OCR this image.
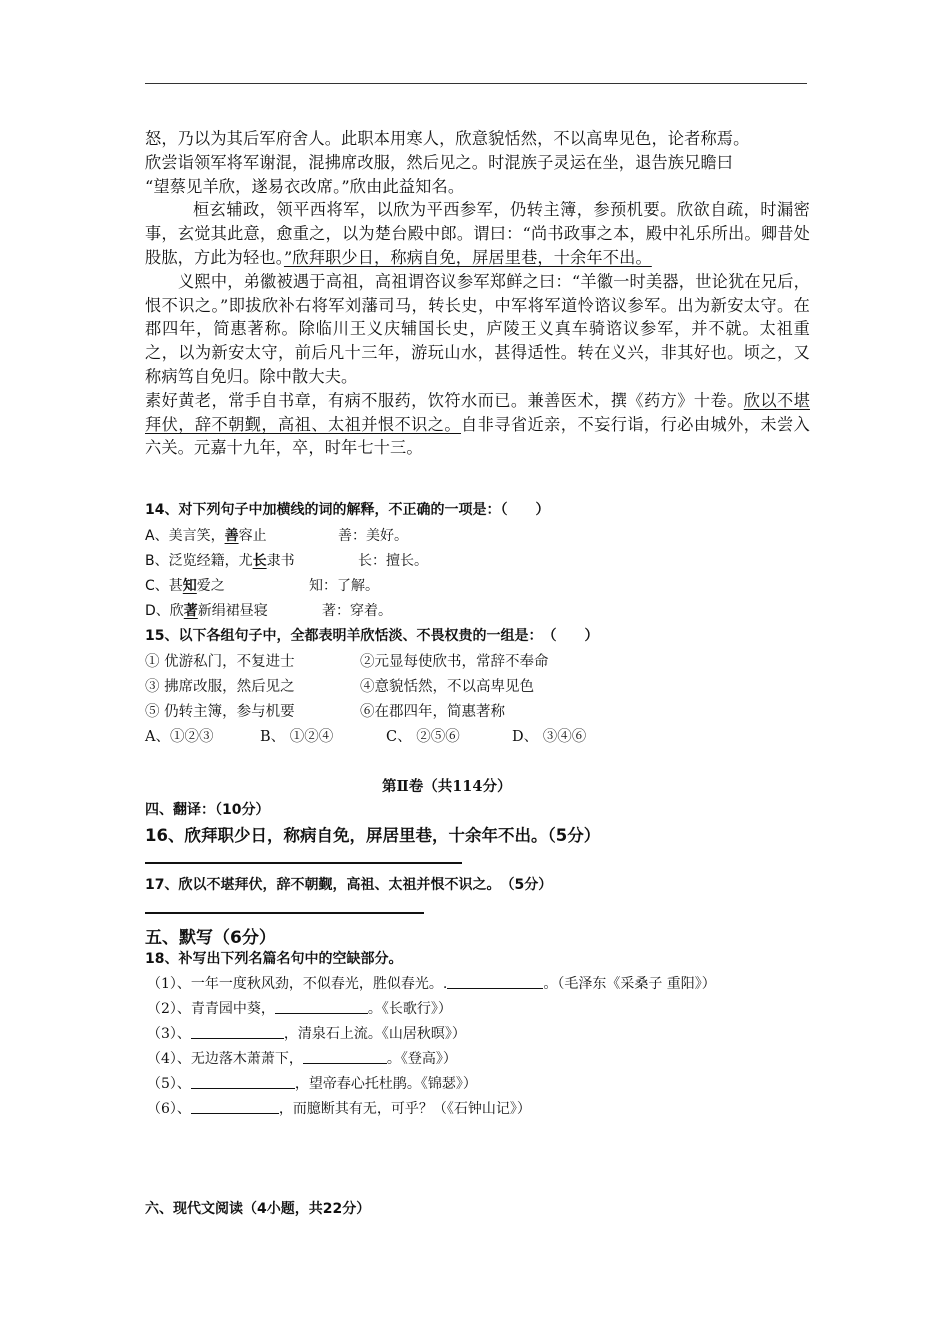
怒，乃以为其后军府舍人。此职本用寒人，欣意貌恬然，不以高卑见色，论者称焉。

欣尝诣领军将军谢混，混拂席改服，然后见之。时混族子灵运在坐，退告族兄瞻曰

“望蔡见羊欣，遂易衣改席。”欣由此益知名。

桓玄辅政，领平西将军，以欣为平西参军，仍转主簿，参预机要。欣欲自疏，时漏密事，玄觉其此意，愈重之，以为楚台殿中郎。谓曰：“尚书政事之本，殿中礼乐所出。卿昔处股肱，方此为轻也。”欣拜职少日，称病自免，屏居里巷，十余年不出。

义熙中，弟徽被遇于高祖，高祖谓咨议参军郑鲜之曰：“羊徽一时美器，世论犹在兄后，恨不识之。”即拔欣补右将军刘藩司马，转长史，中军将军道怜谘议参军。出为新安太守。在郡四年，简惠著称。除临川王义庆辅国长史，庐陵王义真车骑谘议参军，并不就。太祖重之，以为新安太守，前后凡十三年，游玩山水，甚得适性。转在义兴，非其好也。顷之，又称病笃自免归。除中散大夫。

素好黄老，常手自书章，有病不服药，饮符水而已。兼善医术，撰《药方》十卷。欣以不堪拜伏，辞不朝觐，高祖、太祖并恨不识之。自非寻省近亲，不妄行诣，行必由城外，未尝入六关。元嘉十九年，卒，时年七十三。

14、对下列句子中加横线的词的解释，不正确的一项是：（　　）
A、美言笑，善容止	善：美好。
B、泛览经籍，尤长隶书	长：擅长。
C、甚知爱之	知：了解。
D、欣著新绢裙昼寝	著：穿着。
15、以下各组句子中，全都表明羊欣恬淡、不畏权贵的一组是：　（　　）
① 优游私门，不复进士	②元显每使欣书，常辞不奉命
③ 拂席改服，然后见之	④意貌恬然，不以高卑见色
⑤ 仍转主簿，参与机要	⑥在郡四年，简惠著称
A、①②③	B、 ①②④	C、 ②⑤⑥	D、 ③④⑥
第Ⅱ卷（共114分）
四、翻译：（10分）
16、欣拜职少日，称病自免，屏居里巷，十余年不出。（5分）
17、欣以不堪拜伏，辞不朝觐，高祖、太祖并恨不识之。　（5分）
五、默写（6分）
18、补写出下列名篇名句中的空缺部分。
（1）、一年一度秋风劲，不似春光，胜似春光。.	。（毛泽东《采桑子 重阳》）
（2）、青青园中葵，	。《长歌行》）
（3）、	，清泉石上流。《山居秋暝》）
（4）、无边落木萧萧下，	。《登高》）
（5）、	，望帝春心托杜鹃。《锦瑟》）
（6）、	，而臆断其有无，可乎？（《石钟山记》）
六、现代文阅读（4小题，共22分）
